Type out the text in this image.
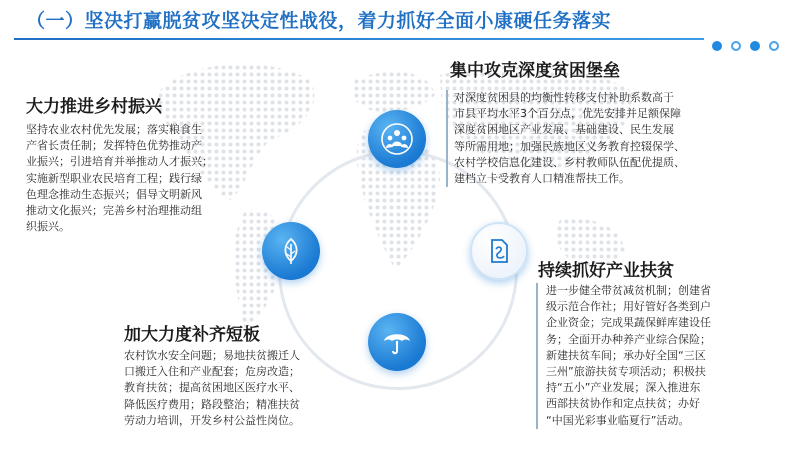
（一）坚决打赢脱贫攻坚决定性战役，着力抓好全面小康硬任务落实
大力推进乡村振兴
坚持农业农村优先发展；落实粮食生
产省长责任制；发挥特色优势推动产
业振兴；引进培育并举推动人才振兴；
实施新型职业农民培育工程；践行绿
色理念推动生态振兴；倡导文明新风
推动文化振兴；完善乡村治理推动组
织振兴。
集中攻克深度贫困堡垒
对深度贫困县的均衡性转移支付补助系数高于
市县平均水平3个百分点，优先安排并足额保障
深度贫困地区产业发展、基础建设、民生发展
等所需用地；加强民族地区义务教育控辍保学、
农村学校信息化建设、乡村教师队伍配优提质、
建档立卡受教育人口精准帮扶工作。
持续抓好产业扶贫
进一步健全带贫减贫机制；创建省
级示范合作社；用好管好各类到户
企业资金；完成果蔬保鲜库建设任
务；全面开办种养产业综合保险；
新建扶贫车间；承办好全国“三区
三州”旅游扶贫专项活动；积极扶
持“五小”产业发展；深入推进东
西部扶贫协作和定点扶贫；办好
“中国光彩事业临夏行”活动。
加大力度补齐短板
农村饮水安全问题；易地扶贫搬迁人
口搬迁入住和产业配套；危房改造；
教育扶贫；提高贫困地区医疗水平、
降低医疗费用；路段整治；精准扶贫
劳动力培训，开发乡村公益性岗位。
